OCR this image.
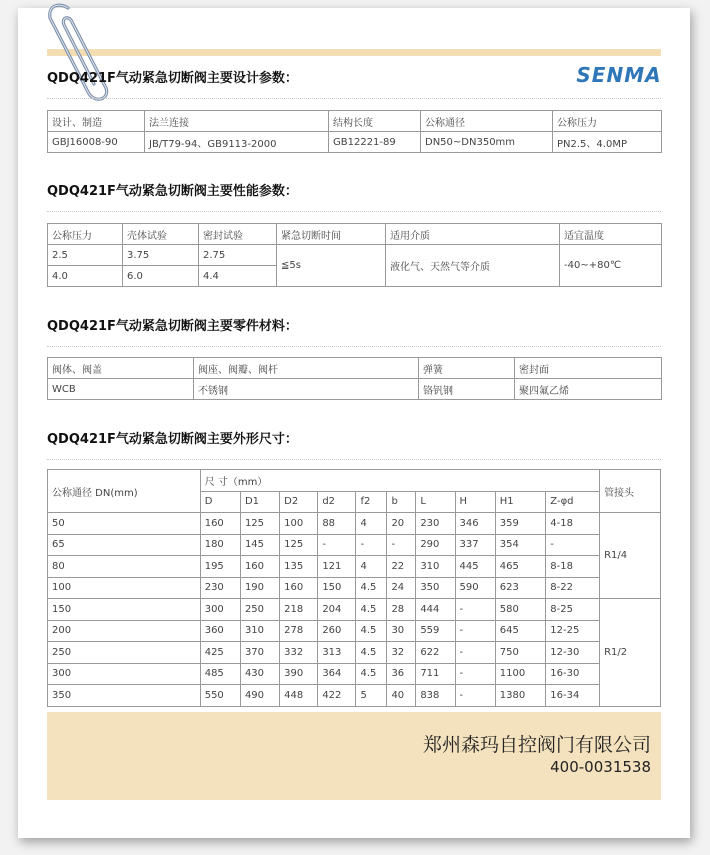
SENMA
QDQ421F气动紧急切断阀主要设计参数：
设计、制造	法兰连接	结构长度	公称通径	公称压力
GBJ16008-90	JB/T79-94、GB9113-2000	GB12221-89	DN50~DN350mm	PN2.5、4.0MP
QDQ421F气动紧急切断阀主要性能参数：
公称压力	壳体试验	密封试验	紧急切断时间	适用介质	适宜温度
2.5	3.75	2.75	≦5s	液化气、天然气等介质	-40~+80℃
4.0	6.0	4.4			
QDQ421F气动紧急切断阀主要零件材料：
阀体、阀盖	阀座、阀瓣、阀杆	弹簧	密封面
WCB	不锈钢	铬钒钢	聚四氟乙烯
QDQ421F气动紧急切断阀主要外形尺寸：
公称通径 DN(mm)	尺 寸（mm）										管接头
	D	D1	D2	d2	f2	b	L	H	H1	Z-φd	
50	160	125	100	88	4	20	230	346	359	4-18	R1/4
65	180	145	125	-	-	-	290	337	354	-	
80	195	160	135	121	4	22	310	445	465	8-18	
100	230	190	160	150	4.5	24	350	590	623	8-22	
150	300	250	218	204	4.5	28	444	-	580	8-25	R1/2
200	360	310	278	260	4.5	30	559	-	645	12-25	
250	425	370	332	313	4.5	32	622	-	750	12-30	
300	485	430	390	364	4.5	36	711	-	1100	16-30	
350	550	490	448	422	5	40	838	-	1380	16-34	
郑州森玛自控阀门有限公司
400-0031538
